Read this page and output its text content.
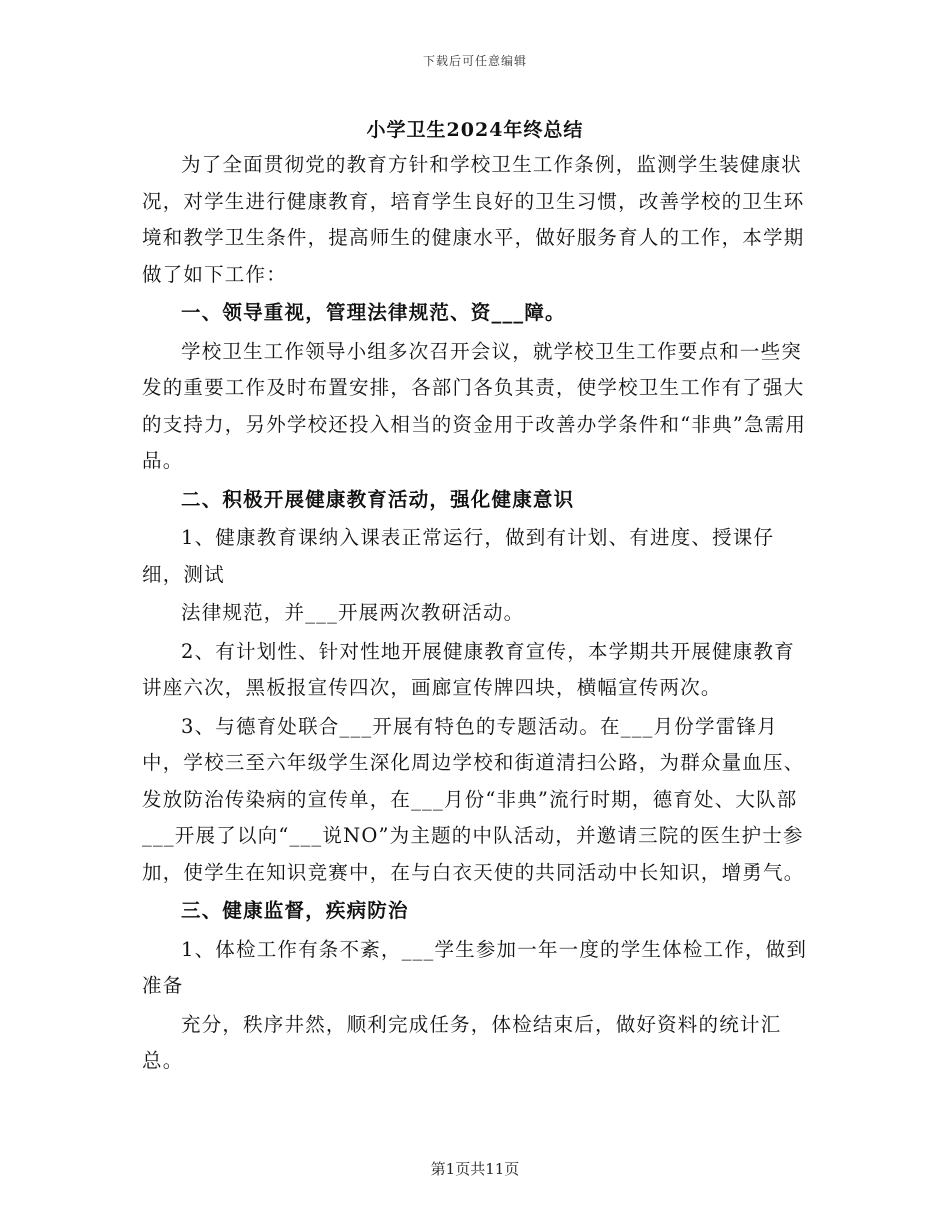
下载后可任意编辑
小学卫生2024年终总结

为了全面贯彻党的教育方针和学校卫生工作条例，监测学生装健康状况，对学生进行健康教育，培育学生良好的卫生习惯，改善学校的卫生环境和教学卫生条件，提高师生的健康水平，做好服务育人的工作，本学期做了如下工作：

一、领导重视，管理法律规范、资___障。

学校卫生工作领导小组多次召开会议，就学校卫生工作要点和一些突发的重要工作及时布置安排，各部门各负其责，使学校卫生工作有了强大的支持力，另外学校还投入相当的资金用于改善办学条件和“非典”急需用品。

二、积极开展健康教育活动，强化健康意识

1、健康教育课纳入课表正常运行，做到有计划、有进度、授课仔细，测试

法律规范，并___开展两次教研活动。

2、有计划性、针对性地开展健康教育宣传，本学期共开展健康教育讲座六次，黑板报宣传四次，画廊宣传牌四块，横幅宣传两次。

3、与德育处联合___开展有特色的专题活动。在___月份学雷锋月中，学校三至六年级学生深化周边学校和街道清扫公路，为群众量血压、发放防治传染病的宣传单，在___月份“非典”流行时期，德育处、大队部___开展了以向“___说NO”为主题的中队活动，并邀请三院的医生护士参加，使学生在知识竞赛中，在与白衣天使的共同活动中长知识，增勇气。

三、健康监督，疾病防治

1、体检工作有条不紊，___学生参加一年一度的学生体检工作，做到准备

充分，秩序井然，顺利完成任务，体检结束后，做好资料的统计汇总。

第1页共11页
